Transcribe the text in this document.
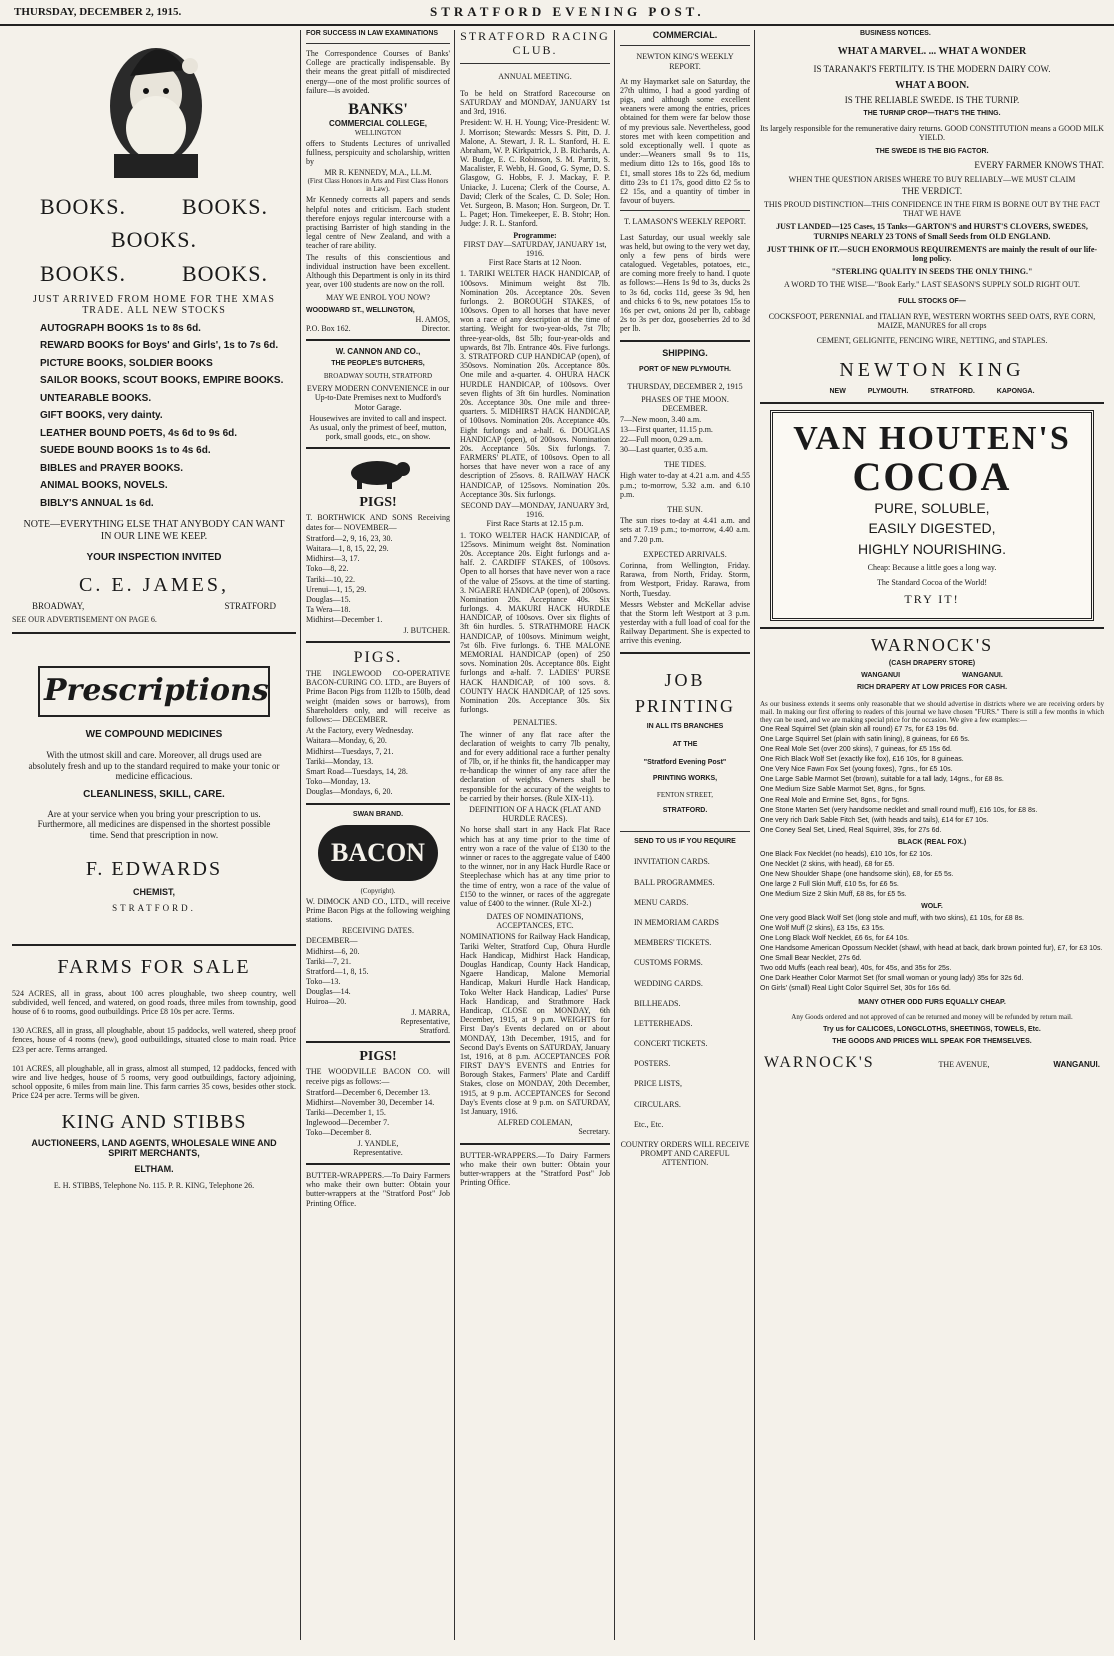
THURSDAY, DECEMBER 2, 1915.	STRATFORD EVENING POST.
BOOKS.	BOOKS.
BOOKS.
BOOKS.	BOOKS.

JUST ARRIVED FROM HOME FOR THE XMAS TRADE. ALL NEW STOCKS

AUTOGRAPH BOOKS 1s to 8s 6d.
REWARD BOOKS for Boys' and Girls', 1s to 7s 6d.
PICTURE BOOKS, SOLDIER BOOKS
SAILOR BOOKS, SCOUT BOOKS, EMPIRE BOOKS.
UNTEARABLE BOOKS.
GIFT BOOKS, very dainty.
LEATHER BOUND POETS, 4s 6d to 9s 6d.
SUEDE BOUND BOOKS 1s to 4s 6d.
BIBLES and PRAYER BOOKS.
ANIMAL BOOKS, NOVELS.
BIBLY'S ANNUAL 1s 6d.

NOTE—EVERYTHING ELSE THAT ANYBODY CAN WANT IN OUR LINE WE KEEP.

YOUR INSPECTION INVITED
C. E. JAMES,
BROADWAY,	STRATFORD
SEE OUR ADVERTISEMENT ON PAGE 6.
Prescriptions
WE COMPOUND MEDICINES

With the utmost skill and care. Moreover, all drugs used are absolutely fresh and up to the standard required to make your tonic or medicine efficacious.

CLEANLINESS, SKILL, CARE.

Are at your service when you bring your prescription to us. Furthermore, all medicines are dispensed in the shortest possible time. Send that prescription in now.

F. EDWARDS
CHEMIST,
STRATFORD.
FARMS FOR SALE

524 ACRES, all in grass, about 100 acres ploughable, two sheep country, well subdivided, well fenced, and watered, on good roads, three miles from township, good house of 6 to rooms, good outbuildings. Price £8 10s per acre. Terms.

130 ACRES, all in grass, all ploughable, about 15 paddocks, well watered, sheep proof fences, house of 4 rooms (new), good outbuildings, situated close to main road. Price £23 per acre. Terms arranged.

101 ACRES, all ploughable, all in grass, almost all stumped, 12 paddocks, fenced with wire and live hedges, house of 5 rooms, very good outbuildings, factory adjoining, school opposite, 6 miles from main line. This farm carries 35 cows, besides other stock. Price £24 per acre. Terms will be given.

KING AND STIBBS
AUCTIONEERS, LAND AGENTS, WHOLESALE WINE AND SPIRIT MERCHANTS,
ELTHAM.
E. H. STIBBS, Telephone No. 115. P. R. KING, Telephone 26.
FOR SUCCESS IN LAW EXAMINATIONS

The Correspondence Courses of Banks' College are practically indispensable. By their means the great pitfall of misdirected energy—one of the most prolific sources of failure—is avoided.

BANKS'
COMMERCIAL COLLEGE,
WELLINGTON

offers to Students Lectures of unrivalled fullness, perspicuity and scholarship, written by

MR R. KENNEDY, M.A., LL.M.
(First Class Honors in Arts and First Class Honors in Law).

Mr Kennedy corrects all papers and sends helpful notes and criticism. Each student therefore enjoys regular intercourse with a practising Barrister of high standing in the legal centre of New Zealand, and with a teacher of rare ability.

The results of this conscientious and individual instruction have been excellent. Although this Department is only in its third year, over 100 students are now on the roll.

MAY WE ENROL YOU NOW?
WOODWARD ST., WELLINGTON,
H. AMOS,
P.O. Box 162.	Director.
W. CANNON AND CO.,
THE PEOPLE'S BUTCHERS,
BROADWAY SOUTH, STRATFORD

EVERY MODERN CONVENIENCE in our Up-to-Date Premises next to Mudford's Motor Garage.

Housewives are invited to call and inspect. As usual, only the primest of beef, mutton, pork, small goods, etc., on show.

PIGS!

T. BORTHWICK AND SONS Receiving dates for— NOVEMBER—

Stratford—2, 9, 16, 23, 30.
Waitara—1, 8, 15, 22, 29.
Midhirst—3, 17.
Toko—8, 22.
Tariki—10, 22.
Urenui—1, 15, 29.
Douglas—15.
Ta Wera—18.
Midhirst—December 1.
J. BUTCHER.
PIGS.

THE INGLEWOOD CO-OPERATIVE BACON-CURING CO. LTD., are Buyers of Prime Bacon Pigs from 112lb to 150lb, dead weight (maiden sows or barrows), from Shareholders only, and will receive as follows:— DECEMBER.

At the Factory, every Wednesday.
Waitara—Monday, 6, 20.
Midhirst—Tuesdays, 7, 21.
Tariki—Monday, 13.
Smart Road—Tuesdays, 14, 28.
Toko—Monday, 13.
Douglas—Mondays, 6, 20.
SWAN BRAND.
BACON
(Copyright).

W. DIMOCK AND CO., LTD., will receive Prime Bacon Pigs at the following weighing stations.

RECEIVING DATES.
DECEMBER—
Midhirst—6, 20.
Tariki—7, 21.
Stratford—1, 8, 15.
Toko—13.
Douglas—14.
Huiroa—20.
J. MARRA,
Representative,
Stratford.
PIGS!

THE WOODVILLE BACON CO. will receive pigs as follows:—

Stratford—December 6, December 13.
Midhirst—November 30, December 14.
Tariki—December 1, 15.
Inglewood—December 7.
Toko—December 8.
J. YANDLE,
Representative.

BUTTER-WRAPPERS.—To Dairy Farmers who make their own butter: Obtain your butter-wrappers at the "Stratford Post" Job Printing Office.

STRATFORD RACING CLUB.
ANNUAL MEETING.

To be held on Stratford Racecourse on SATURDAY and MONDAY, JANUARY 1st and 3rd, 1916.

President: W. H. H. Young; Vice-President: W. J. Morrison; Stewards: Messrs S. Pitt, D. J. Malone, A. Stewart, J. R. L. Stanford, H. E. Abraham, W. P. Kirkpatrick, J. B. Richards, A. W. Budge, E. C. Robinson, S. M. Parritt, S. Macalister, F. Webb, H. Good, G. Syme, D. S. Glasgow, G. Hobbs, F. J. Mackay, F. P. Uniacke, J. Lucena; Clerk of the Course, A. David; Clerk of the Scales, C. D. Sole; Hon. Vet. Surgeon, B. Mason; Hon. Surgeon, Dr. T. L. Paget; Hon. Timekeeper, E. B. Stohr; Hon. Judge: J. R. L. Stanford.

Programme:
FIRST DAY—SATURDAY, JANUARY 1st, 1916.
First Race Starts at 12 Noon.

1. TARIKI WELTER HACK HANDICAP, of 100sovs. Minimum weight 8st 7lb. Nomination 20s. Acceptance 20s. Seven furlongs. 2. BOROUGH STAKES, of 100sovs. Open to all horses that have never won a race of any description at the time of starting. Weight for two-year-olds, 7st 7lb; three-year-olds, 8st 5lb; four-year-olds and upwards, 8st 7lb. Entrance 40s. Five furlongs. 3. STRATFORD CUP HANDICAP (open), of 350sovs. Nomination 20s. Acceptance 80s. One mile and a-quarter. 4. OHURA HACK HURDLE HANDICAP, of 100sovs. Over seven flights of 3ft 6in hurdles. Nomination 20s. Acceptance 30s. One mile and three-quarters. 5. MIDHIRST HACK HANDICAP, of 100sovs. Nomination 20s. Acceptance 40s. Eight furlongs and a-half. 6. DOUGLAS HANDICAP (open), of 200sovs. Nomination 20s. Acceptance 50s. Six furlongs. 7. FARMERS' PLATE, of 100sovs. Open to all horses that have never won a race of any description of 25sovs. 8. RAILWAY HACK HANDICAP, of 125sovs. Nomination 20s. Acceptance 30s. Six furlongs.

SECOND DAY—MONDAY, JANUARY 3rd, 1916.
First Race Starts at 12.15 p.m.

1. TOKO WELTER HACK HANDICAP, of 125sovs. Minimum weight 8st. Nomination 20s. Acceptance 20s. Eight furlongs and a-half. 2. CARDIFF STAKES, of 100sovs. Open to all horses that have never won a race of the value of 25sovs. at the time of starting. 3. NGAERE HANDICAP (open), of 200sovs. Nomination 20s. Acceptance 40s. Six furlongs. 4. MAKURI HACK HURDLE HANDICAP, of 100sovs. Over six flights of 3ft 6in hurdles. 5. STRATHMORE HACK HANDICAP, of 100sovs. Minimum weight, 7st 6lb. Five furlongs. 6. THE MALONE MEMORIAL HANDICAP (open) of 250 sovs. Nomination 20s. Acceptance 80s. Eight furlongs and a-half. 7. LADIES' PURSE HACK HANDICAP, of 100 sovs. 8. COUNTY HACK HANDICAP, of 125 sovs. Nomination 20s. Acceptance 30s. Six furlongs.

PENALTIES.

The winner of any flat race after the declaration of weights to carry 7lb penalty, and for every additional race a further penalty of 7lb, or, if he thinks fit, the handicapper may re-handicap the winner of any race after the declaration of weights. Owners shall be responsible for the accuracy of the weights to be carried by their horses. (Rule XIX-11).

DEFINITION OF A HACK (FLAT AND HURDLE RACES).

No horse shall start in any Hack Flat Race which has at any time prior to the time of entry won a race of the value of £130 to the winner or races to the aggregate value of £400 to the winner, nor in any Hack Hurdle Race or Steeplechase which has at any time prior to the time of entry, won a race of the value of £150 to the winner, or races of the aggregate value of £400 to the winner. (Rule XI-2.)

DATES OF NOMINATIONS, ACCEPTANCES, ETC.

NOMINATIONS for Railway Hack Handicap, Tariki Welter, Stratford Cup, Ohura Hurdle Hack Handicap, Midhirst Hack Handicap, Douglas Handicap, County Hack Handicap, Ngaere Handicap, Malone Memorial Handicap, Makuri Hurdle Hack Handicap, Toko Welter Hack Handicap, Ladies' Purse Hack Handicap, and Strathmore Hack Handicap, CLOSE on MONDAY, 6th December, 1915, at 9 p.m. WEIGHTS for First Day's Events declared on or about MONDAY, 13th December, 1915, and for Second Day's Events on SATURDAY, January 1st, 1916, at 8 p.m. ACCEPTANCES FOR FIRST DAY'S EVENTS and Entries for Borough Stakes, Farmers' Plate and Cardiff Stakes, close on MONDAY, 20th December, 1915, at 9 p.m. ACCEPTANCES for Second Day's Events close at 9 p.m. on SATURDAY, 1st January, 1916.

ALFRED COLEMAN,
Secretary.

BUTTER-WRAPPERS.—To Dairy Farmers who make their own butter: Obtain your butter-wrappers at the "Stratford Post" Job Printing Office.

COMMERCIAL.
NEWTON KING'S WEEKLY REPORT.

At my Haymarket sale on Saturday, the 27th ultimo, I had a good yarding of pigs, and although some excellent weaners were among the entries, prices obtained for them were far below those of my previous sale. Nevertheless, good stores met with keen competition and sold exceptionally well. I quote as under:—Weaners small 9s to 11s, medium ditto 12s to 16s, good 18s to £1, small stores 18s to 22s 6d, medium ditto 23s to £1 17s, good ditto £2 5s to £2 15s, and a quantity of timber in favour of buyers.

T. LAMASON'S WEEKLY REPORT.

Last Saturday, our usual weekly sale was held, but owing to the very wet day, only a few pens of birds were catalogued. Vegetables, potatoes, etc., are coming more freely to hand. I quote as follows:—Hens 1s 9d to 3s, ducks 2s to 3s 6d, cocks 11d, geese 3s 9d, hen and chicks 6 to 9s, new potatoes 15s to 16s per cwt, onions 2d per lb, cabbage 2s to 3s per doz, gooseberries 2d to 3d per lb.

SHIPPING.
PORT OF NEW PLYMOUTH.
THURSDAY, DECEMBER 2, 1915
PHASES OF THE MOON.
DECEMBER.
7—New moon, 3.40 a.m.
13—First quarter, 11.15 p.m.
22—Full moon, 0.29 a.m.
30—Last quarter, 0.35 a.m.
THE TIDES.

High water to-day at 4.21 a.m. and 4.55 p.m.; to-morrow, 5.32 a.m. and 6.10 p.m.

THE SUN.

The sun rises to-day at 4.41 a.m. and sets at 7.19 p.m.; to-morrow, 4.40 a.m. and 7.20 p.m.

EXPECTED ARRIVALS.

Corinna, from Wellington, Friday. Rarawa, from North, Friday. Storm, from Westport, Friday. Rarawa, from North, Tuesday.

Messrs Webster and McKellar advise that the Storm left Westport at 3 p.m. yesterday with a full load of coal for the Railway Department. She is expected to arrive this evening.

JOB
PRINTING
IN ALL ITS BRANCHES
AT THE
"Stratford Evening Post"
PRINTING WORKS,
FENTON STREET,
STRATFORD.
SEND TO US IF YOU REQUIRE
INVITATION CARDS.
BALL PROGRAMMES.
MENU CARDS.
IN MEMORIAM CARDS
MEMBERS' TICKETS.
CUSTOMS FORMS.
WEDDING CARDS.
BILLHEADS.
LETTERHEADS.
CONCERT TICKETS.
POSTERS.
PRICE LISTS,
CIRCULARS.
Etc., Etc.

COUNTRY ORDERS WILL RECEIVE PROMPT AND CAREFUL ATTENTION.

BUSINESS NOTICES.
WHAT A MARVEL. ... WHAT A WONDER
IS TARANAKI'S FERTILITY. IS THE MODERN DAIRY COW.
WHAT A BOON.
IS THE RELIABLE SWEDE. IS THE TURNIP.
THE TURNIP CROP—THAT'S THE THING.
Its largely responsible for the remunerative dairy returns. GOOD CONSTITUTION means a GOOD MILK YIELD.
THE SWEDE IS THE BIG FACTOR.
EVERY FARMER KNOWS THAT.
WHEN THE QUESTION ARISES WHERE TO BUY RELIABLY—WE MUST CLAIM
THE VERDICT.
THIS PROUD DISTINCTION—THIS CONFIDENCE IN THE FIRM IS BORNE OUT BY THE FACT THAT WE HAVE
JUST LANDED—125 Cases, 15 Tanks—GARTON'S and HURST'S CLOVERS, SWEDES, TURNIPS NEARLY 23 TONS of Small Seeds from OLD ENGLAND.
JUST THINK OF IT.—SUCH ENORMOUS REQUIREMENTS are mainly the result of our life-long policy.
"STERLING QUALITY IN SEEDS THE ONLY THING."
A WORD TO THE WISE—"Book Early." LAST SEASON'S SUPPLY SOLD RIGHT OUT.
FULL STOCKS OF—
COCKSFOOT, PERENNIAL and ITALIAN RYE, WESTERN WORTHS SEED OATS, RYE CORN, MAIZE, MANURES for all crops
CEMENT, GELIGNITE, FENCING WIRE, NETTING, and STAPLES.
NEWTON KING
NEW PLYMOUTH. STRATFORD. KAPONGA.
VAN HOUTEN'S
COCOA
PURE, SOLUBLE,
EASILY DIGESTED,
HIGHLY NOURISHING.
Cheap: Because a little goes a long way.
The Standard Cocoa of the World!
TRY IT!
WARNOCK'S
(CASH DRAPERY STORE)
WANGANUI WANGANUI.
RICH DRAPERY AT LOW PRICES FOR CASH.

As our business extends it seems only reasonable that we should advertise in districts where we are receiving orders by mail. In making our first offering to readers of this journal we have chosen "FURS." There is still a few months in which they can be used, and we are making special price for the occasion. We give a few examples:—

One Real Squirrel Set (plain skin all round) £7 7s, for £3 19s 6d.
One Large Squirrel Set (plain with satin lining), 8 guineas, for £6 5s.
One Real Mole Set (over 200 skins), 7 guineas, for £5 15s 6d.
One Rich Black Wolf Set (exactly like fox), £16 10s, for 8 guineas.
One Very Nice Fawn Fox Set (young foxes), 7gns., for £5 10s.
One Large Sable Marmot Set (brown), suitable for a tall lady, 14gns., for £8 8s.
One Medium Size Sable Marmot Set, 8gns., for 5gns.
One Real Mole and Ermine Set, 8gns., for 5gns.
One Stone Marten Set (very handsome necklet and small round muff), £16 10s, for £8 8s.
One very rich Dark Sable Fitch Set, (with heads and tails), £14 for £7 10s.
One Coney Seal Set, Lined, Real Squirrel, 39s, for 27s 6d.
BLACK (REAL FOX.)
One Black Fox Necklet (no heads), £10 10s, for £2 10s.
One Necklet (2 skins, with head), £8 for £5.
One New Shoulder Shape (one handsome skin), £8, for £5 5s.
One large 2 Full Skin Muff, £10 5s, for £6 5s.
One Medium Size 2 Skin Muff, £8 8s, for £5 5s.
WOLF.
One very good Black Wolf Set (long stole and muff, with two skins), £1 10s, for £8 8s.
One Wolf Muff (2 skins), £3 15s, £3 15s.
One Long Black Wolf Necklet, £6 6s, for £4 10s.
One Handsome American Opossum Necklet (shawl, with head at back, dark brown pointed fur), £7, for £3 10s.
One Small Bear Necklet, 27s 6d.
Two odd Muffs (each real bear), 40s, for 45s, and 35s for 25s.
One Dark Heather Color Marmot Set (for small woman or young lady) 35s for 32s 6d.
On Girls' (small) Real Light Color Squirrel Set, 30s for 16s 6d.
MANY OTHER ODD FURS EQUALLY CHEAP.
Any Goods ordered and not approved of can be returned and money will be refunded by return mail.
Try us for CALICOES, LONGCLOTHS, SHEETINGS, TOWELS, Etc.
THE GOODS AND PRICES WILL SPEAK FOR THEMSELVES.
WARNOCK'S	THE AVENUE,	WANGANUI.
